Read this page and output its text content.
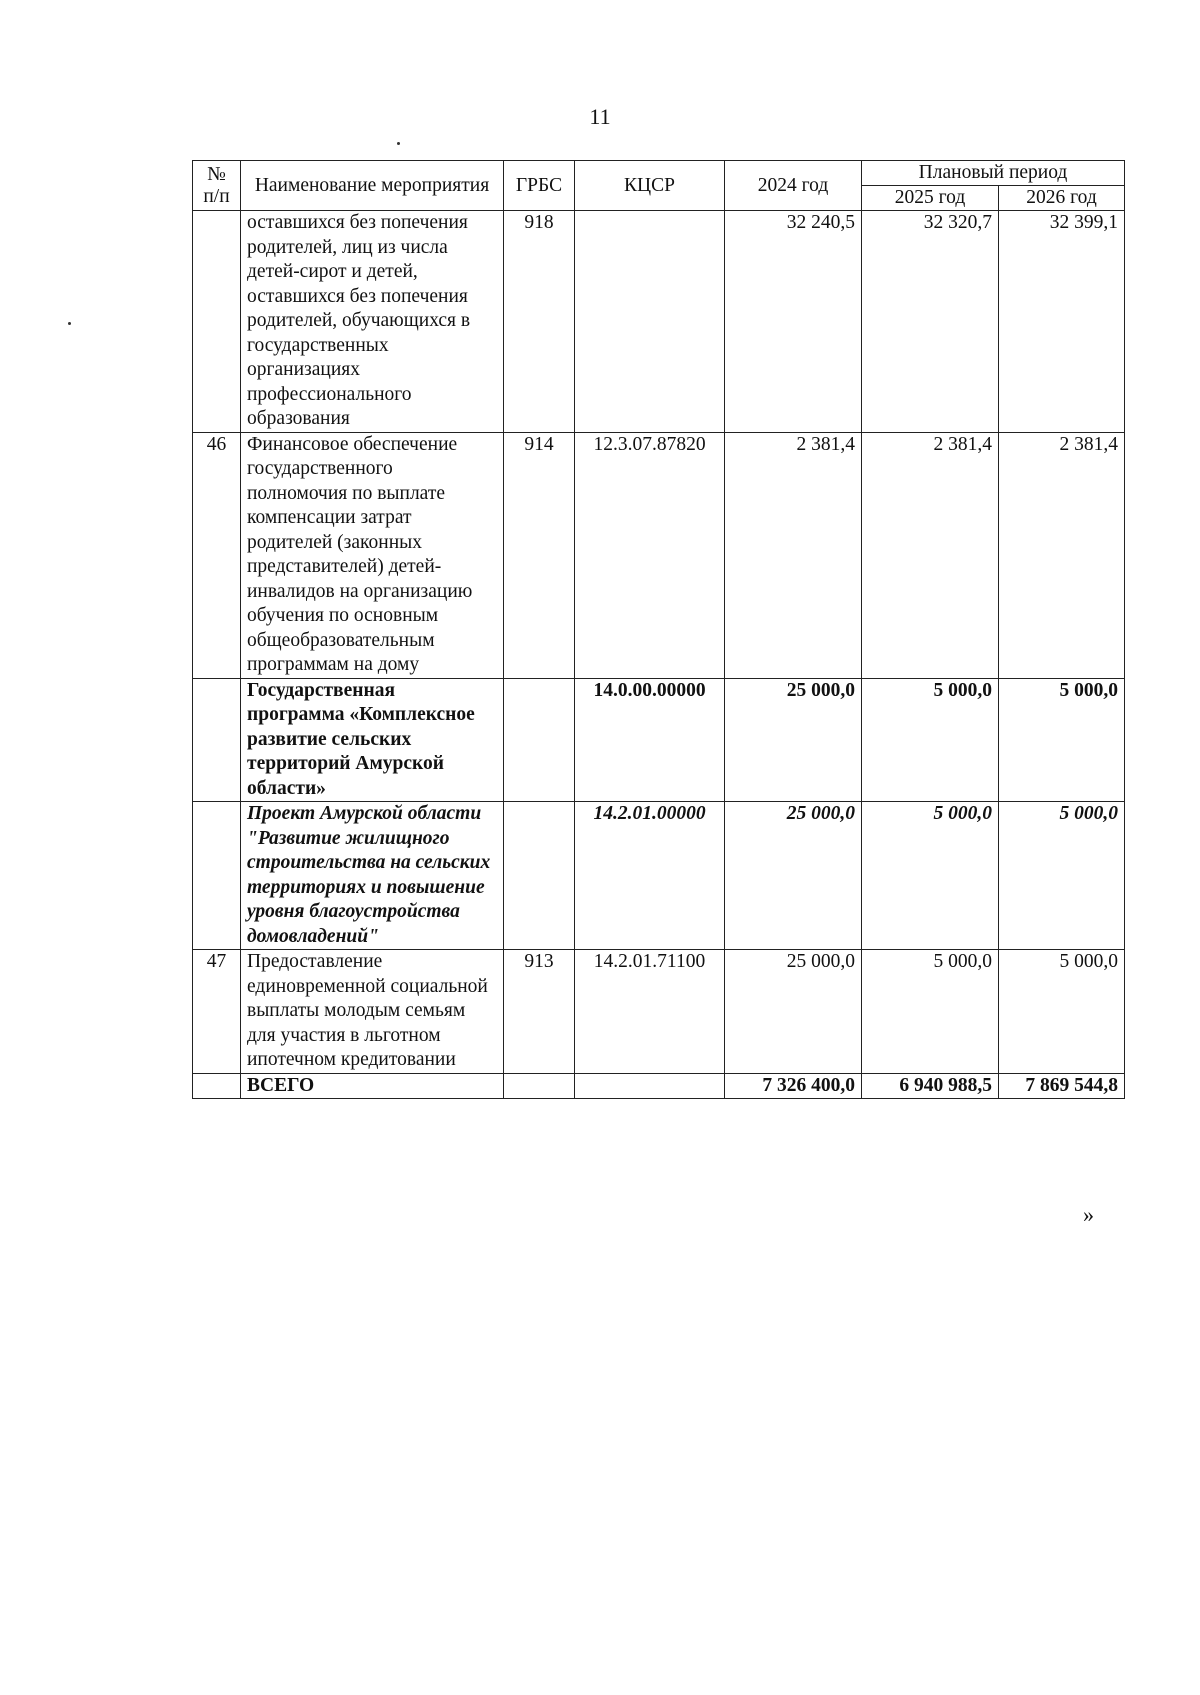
11
№ п/п	Наименование мероприятия	ГРБС	КЦСР	2024 год	Плановый период	
					2025 год	2026 год
	оставшихся без попечения родителей, лиц из числа детей-сирот и детей, оставшихся без попечения родителей, обучающихся в государственных организациях профессионального образования	918		32 240,5	32 320,7	32 399,1
46	Финансовое обеспечение государственного полномочия по выплате компенсации затрат родителей (законных представителей) детей-инвалидов на организацию обучения по основным общеобразовательным программам на дому	914	12.3.07.87820	2 381,4	2 381,4	2 381,4
	Государственная программа «Комплексное развитие сельских территорий Амурской области»		14.0.00.00000	25 000,0	5 000,0	5 000,0
	Проект Амурской области "Развитие жилищного строительства на сельских территориях и повышение уровня благоустройства домовладений"		14.2.01.00000	25 000,0	5 000,0	5 000,0
47	Предоставление единовременной социальной выплаты молодым семьям для участия в льготном ипотечном кредитовании	913	14.2.01.71100	25 000,0	5 000,0	5 000,0
	ВСЕГО			7 326 400,0	6 940 988,5	7 869 544,8
»
